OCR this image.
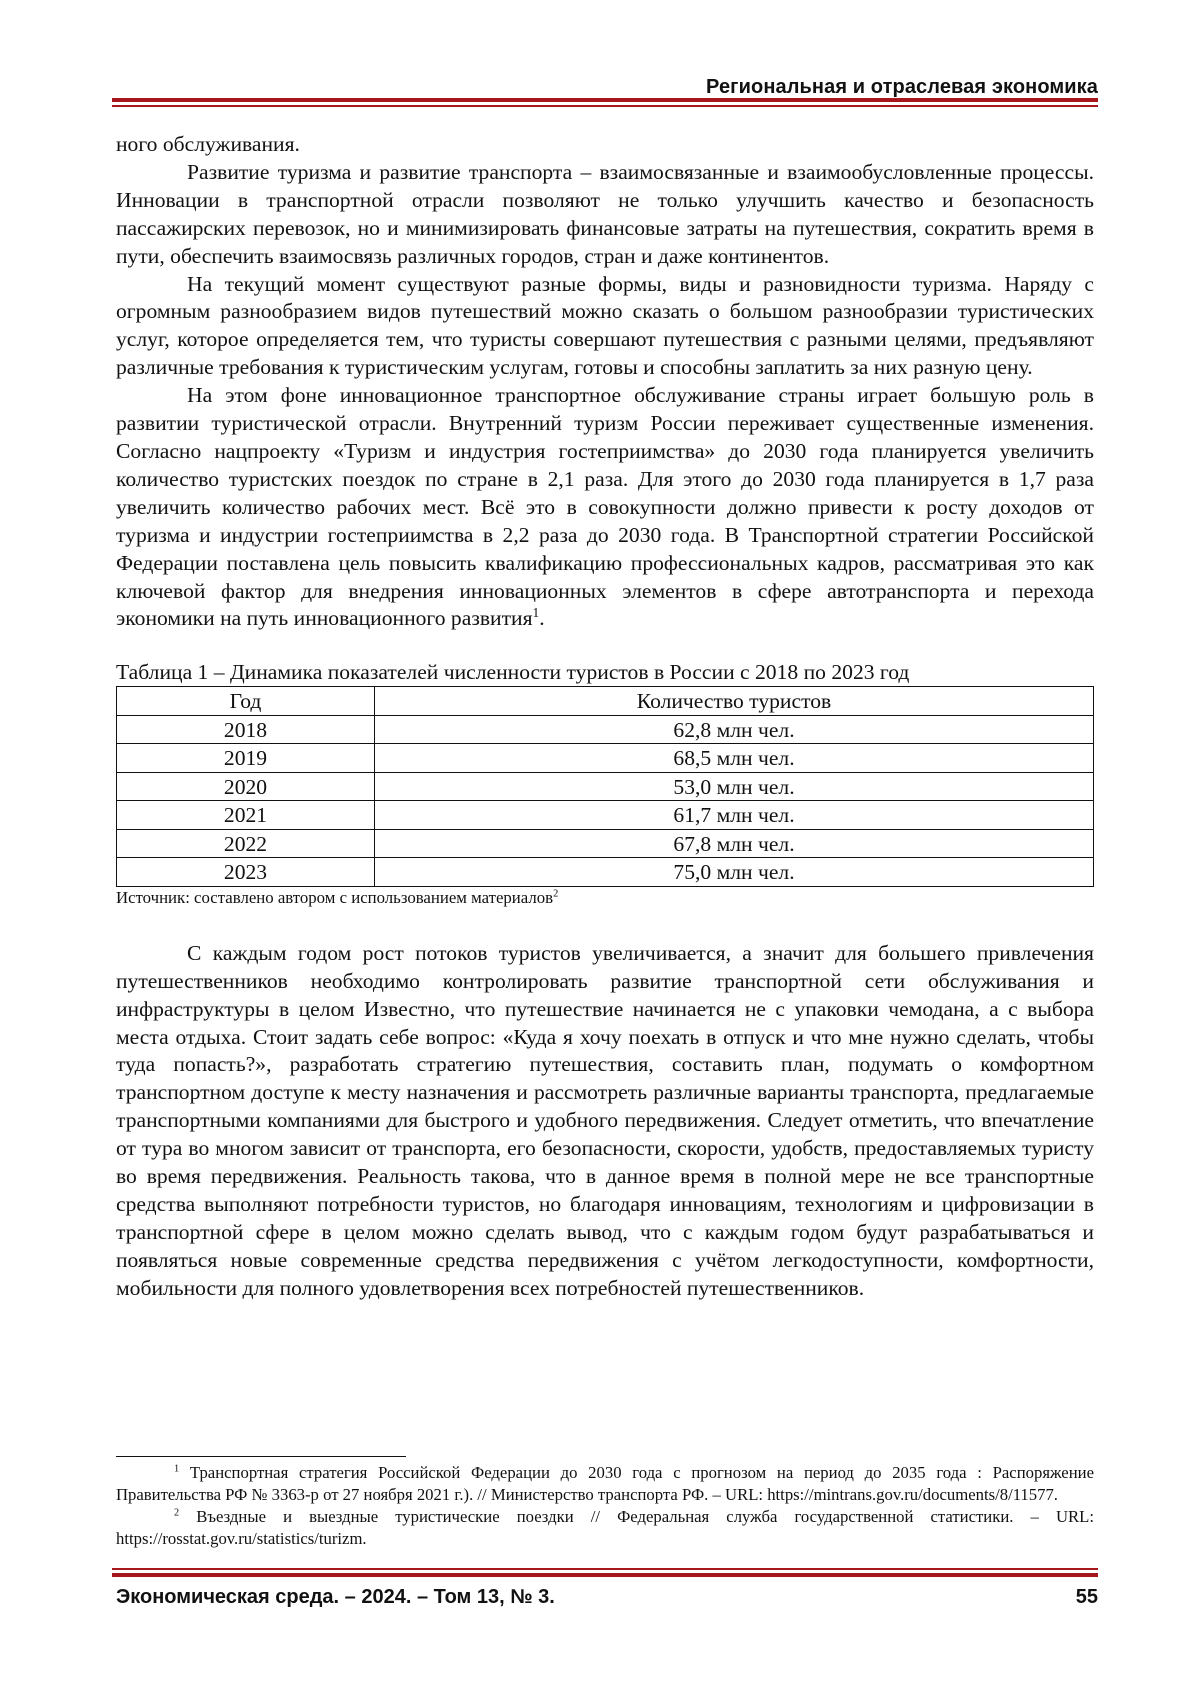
Региональная и отраслевая экономика

ного обслуживания.

Развитие туризма и развитие транспорта – взаимосвязанные и взаимообусловленные процессы. Инновации в транспортной отрасли позволяют не только улучшить качество и безопасность пассажирских перевозок, но и минимизировать финансовые затраты на путешествия, сократить время в пути, обеспечить взаимосвязь различных городов, стран и даже континентов.

На текущий момент существуют разные формы, виды и разновидности туризма. Наряду с огромным разнообразием видов путешествий можно сказать о большом разнообразии туристических услуг, которое определяется тем, что туристы совершают путешествия с разными целями, предъявляют различные требования к туристическим услугам, готовы и способны заплатить за них разную цену.

На этом фоне инновационное транспортное обслуживание страны играет большую роль в развитии туристической отрасли. Внутренний туризм России переживает существенные изменения. Согласно нацпроекту «Туризм и индустрия гостеприимства» до 2030 года планируется увеличить количество туристских поездок по стране в 2,1 раза. Для этого до 2030 года планируется в 1,7 раза увеличить количество рабочих мест. Всё это в совокупности должно привести к росту доходов от туризма и индустрии гостеприимства в 2,2 раза до 2030 года. В Транспортной стратегии Российской Федерации поставлена цель повысить квалификацию профессиональных кадров, рассматривая это как ключевой фактор для внедрения инновационных элементов в сфере автотранспорта и перехода экономики на путь инновационного развития$^1$.

Таблица 1 – Динамика показателей численности туристов в России с 2018 по 2023 год
Год	Количество туристов
2018	62,8 млн чел.
2019	68,5 млн чел.
2020	53,0 млн чел.
2021	61,7 млн чел.
2022	67,8 млн чел.
2023	75,0 млн чел.

Источник: составлено автором с использованием материалов$^2$

С каждым годом рост потоков туристов увеличивается, а значит для большего привлечения путешественников необходимо контролировать развитие транспортной сети обслуживания и инфраструктуры в целом Известно, что путешествие начинается не с упаковки чемодана, а с выбора места отдыха. Стоит задать себе вопрос: «Куда я хочу поехать в отпуск и что мне нужно сделать, чтобы туда попасть?», разработать стратегию путешествия, составить план, подумать о комфортном транспортном доступе к месту назначения и рассмотреть различные варианты транспорта, предлагаемые транспортными компаниями для быстрого и удобного передвижения. Следует отметить, что впечатление от тура во многом зависит от транспорта, его безопасности, скорости, удобств, предоставляемых туристу во время передвижения. Реальность такова, что в данное время в полной мере не все транспортные средства выполняют потребности туристов, но благодаря инновациям, технологиям и цифровизации в транспортной сфере в целом можно сделать вывод, что с каждым годом будут разрабатываться и появляться новые современные средства передвижения с учётом легкодоступности, комфортности, мобильности для полного удовлетворения всех потребностей путешественников.

$^1$ Транспортная стратегия Российской Федерации до 2030 года с прогнозом на период до 2035 года : Распоряжение Правительства РФ № 3363-р от 27 ноября 2021 г.). // Министерство транспорта РФ. – URL: https://mintrans.gov.ru/documents/8/11577.

$^2$ Въездные и выездные туристические поездки // Федеральная служба государственной статистики. – URL: https://rosstat.gov.ru/statistics/turizm.

Экономическая среда. – 2024. – Том 13, № 3.	55
